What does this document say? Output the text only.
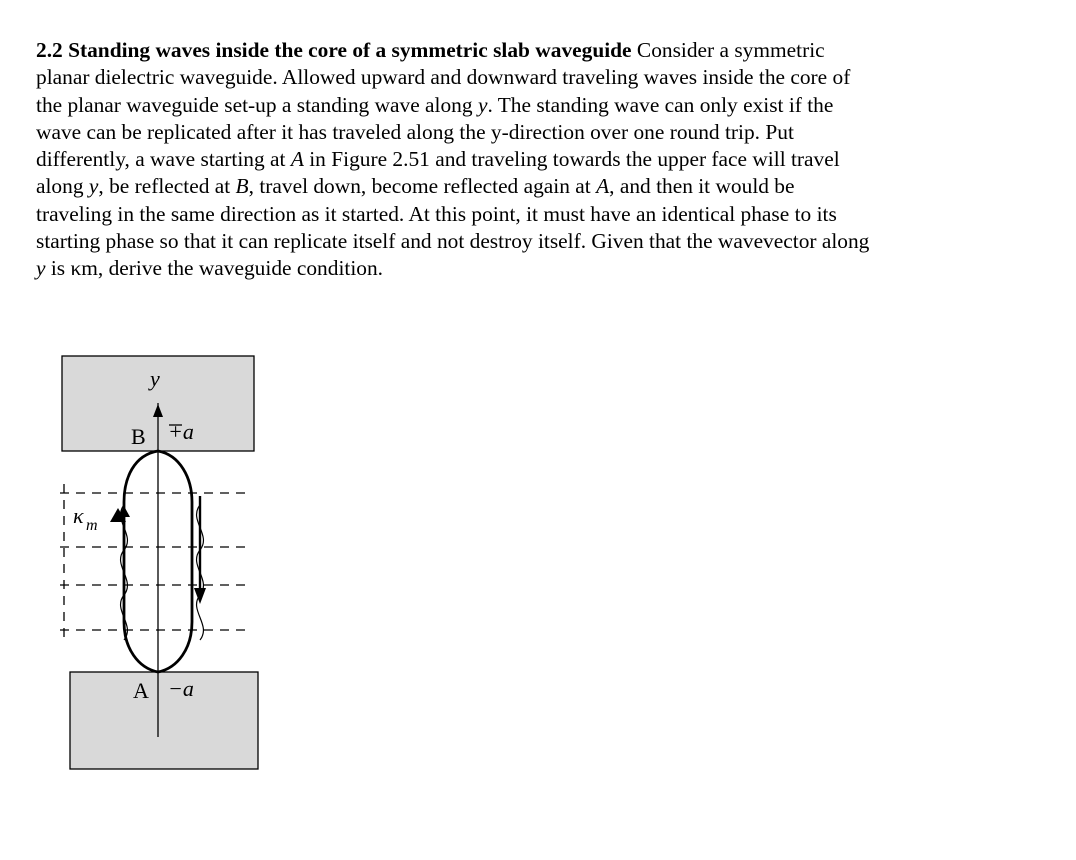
2.2 Standing waves inside the core of a symmetric slab waveguide Consider a symmetric
planar dielectric waveguide. Allowed upward and downward traveling waves inside the core of
the planar waveguide set-up a standing wave along y. The standing wave can only exist if the
wave can be replicated after it has traveled along the y-direction over one round trip. Put
differently, a wave starting at A in Figure 2.51 and traveling towards the upper face will travel
along y, be reflected at B, travel down, become reflected again at A, and then it would be
traveling in the same direction as it started. At this point, it must have an identical phase to its
starting phase so that it can replicate itself and not destroy itself. Given that the wavevector along
y is κm, derive the waveguide condition.
y
B +a
A −a
κ m
